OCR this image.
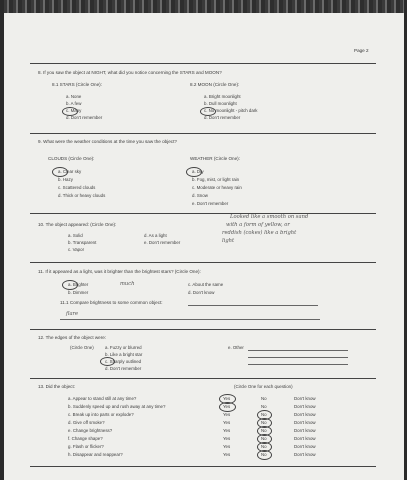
Page 2
8. If you saw the object at NIGHT, what did you notice concerning the STARS and MOON?
8.1 STARS (Circle One):
a. None
b. A few
c. Many
d. Don't remember
8.2 MOON (Circle One):
a. Bright moonlight
b. Dull moonlight
c. No moonlight - pitch dark
d. Don't remember
9. What were the weather conditions at the time you saw the object?
CLOUDS (Circle One):
a. Clear sky
b. Hazy
c. Scattered clouds
d. Thick or heavy clouds
WEATHER (Circle One):
a. Dry
b. Fog, mist, or light rain
c. Moderate or heavy rain
d. Snow
e. Don't remember
10. The object appeared: (Circle One):
a. Solid
b. Transparent
c. Vapor
d. As a light
e. Don't remember
Looked like a smooth on sand
with a form of yellow, or
reddish (cokes) like a bright
light
11. If it appeared as a light, was it brighter than the brightest stars? (Circle One):
a. Brighter
b. Dimmer
much	c. About the same
d. Don't know
11.1 Compare brightness to some common object:
flare
12. The edges of the object were:
(Circle One)	a. Fuzzy or blurred
b. Like a bright star
c. Sharply outlined
d. Don't remember
e. Other
13. Did the object:	(Circle One for each question)
a. Appear to stand still at any time?	Yes	No	Don't know
b. Suddenly speed up and rush away at any time?	Yes	No	Don't know
c. Break up into parts or explode?	Yes	No	Don't know
d. Give off smoke?	Yes	No	Don't know
e. Change brightness?	Yes	No	Don't know
f. Change shape?	Yes	No	Don't know
g. Flash or flicker?	Yes	No	Don't know
h. Disappear and reappear?	Yes	No	Don't know
